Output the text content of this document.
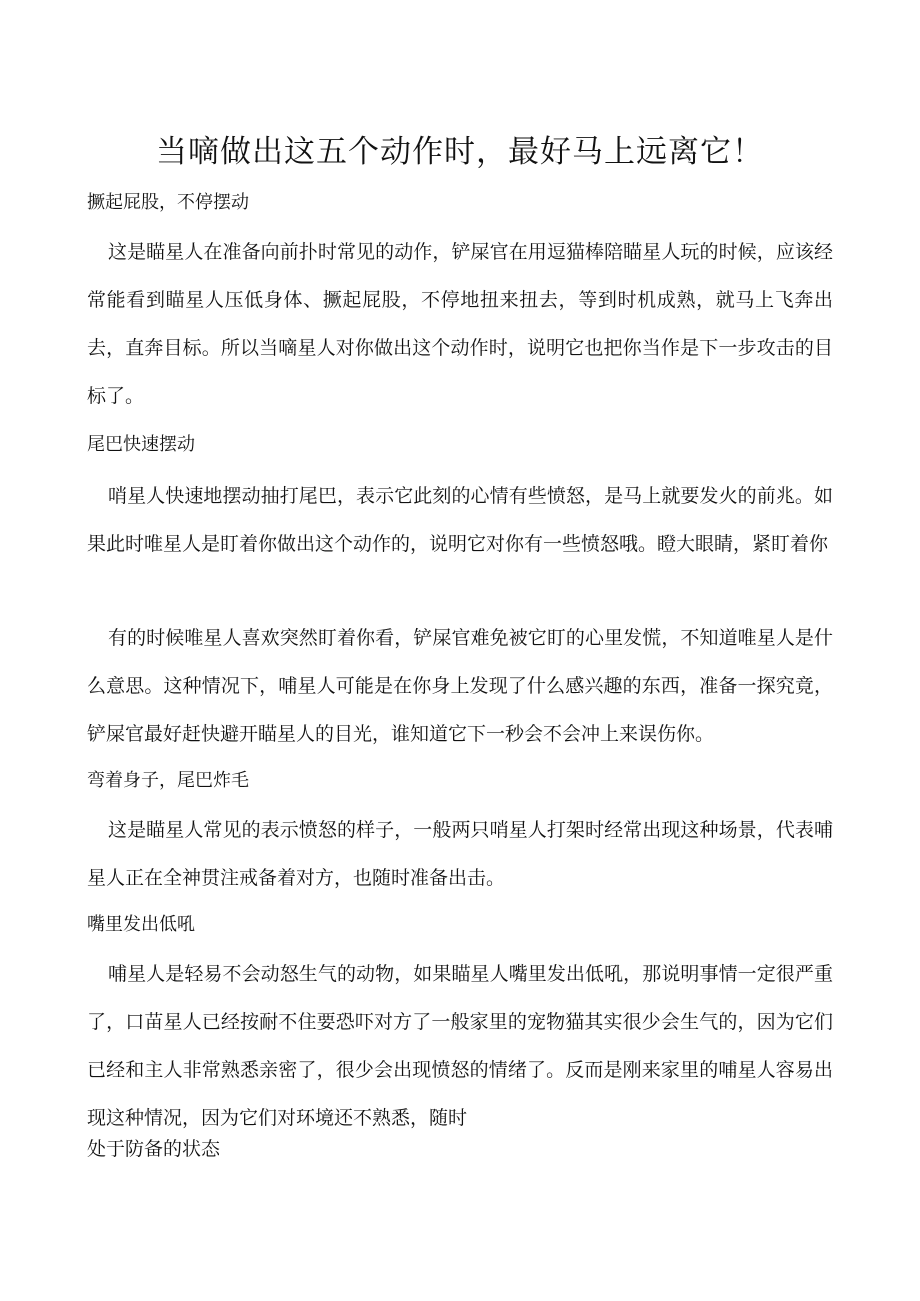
当嘀做出这五个动作时，最好马上远离它！

撅起屁股，不停摆动

这是瞄星人在准备向前扑时常见的动作，铲屎官在用逗猫棒陪瞄星人玩的时候，应该经常能看到瞄星人压低身体、撅起屁股，不停地扭来扭去，等到时机成熟，就马上飞奔出去，直奔目标。所以当嘀星人对你做出这个动作时，说明它也把你当作是下一步攻击的目标了。

尾巴快速摆动

哨星人快速地摆动抽打尾巴，表示它此刻的心情有些愤怒，是马上就要发火的前兆。如果此时唯星人是盯着你做出这个动作的，说明它对你有一些愤怒哦。瞪大眼睛，紧盯着你

有的时候唯星人喜欢突然盯着你看，铲屎官难免被它盯的心里发慌，不知道唯星人是什么意思。这种情况下，哺星人可能是在你身上发现了什么感兴趣的东西，准备一探究竟，铲屎官最好赶快避开瞄星人的目光，谁知道它下一秒会不会冲上来误伤你。

弯着身子，尾巴炸毛

这是瞄星人常见的表示愤怒的样子，一般两只哨星人打架时经常出现这种场景，代表哺星人正在全神贯注戒备着对方，也随时准备出击。

嘴里发出低吼

哺星人是轻易不会动怒生气的动物，如果瞄星人嘴里发出低吼，那说明事情一定很严重了，口苗星人已经按耐不住要恐吓对方了一般家里的宠物猫其实很少会生气的，因为它们已经和主人非常熟悉亲密了，很少会出现愤怒的情绪了。反而是刚来家里的哺星人容易出现这种情况，因为它们对环境还不熟悉，随时

处于防备的状态
